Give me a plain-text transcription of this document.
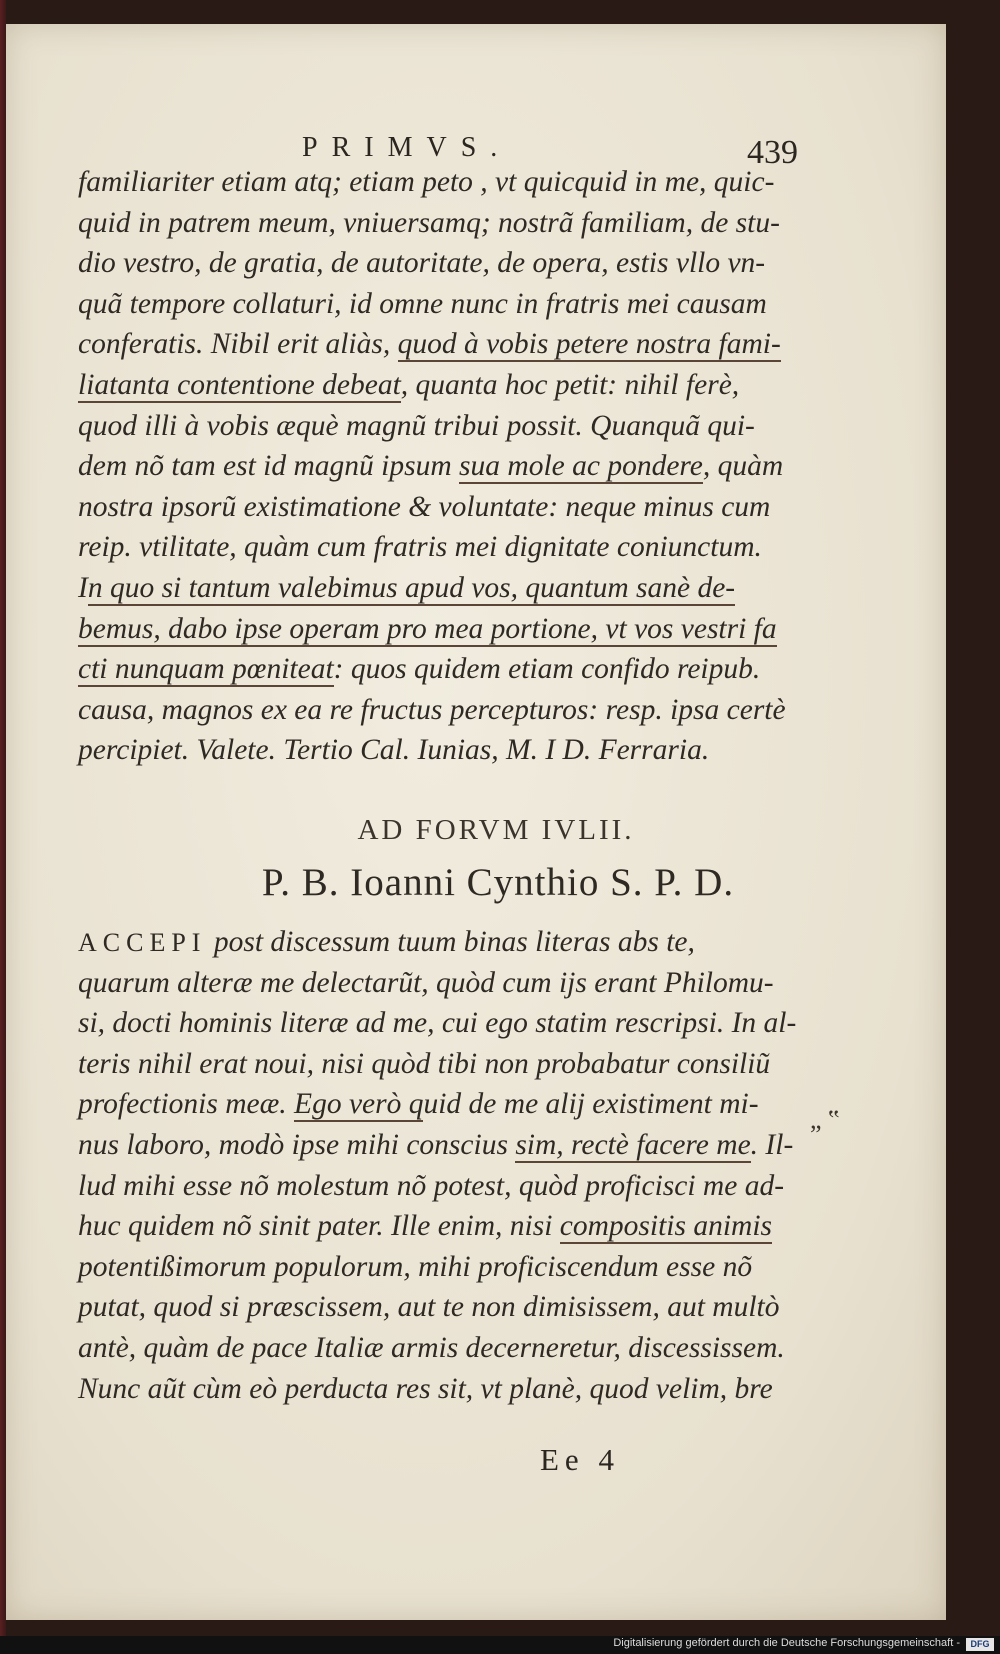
PRIMVS.	439
familiariter etiam atq; etiam peto , vt quicquid in me, quic-
quid in patrem meum, vniuersamq; nostrã familiam, de stu-
dio vestro, de gratia, de autoritate, de opera, estis vllo vn-
quã tempore collaturi, id omne nunc in fratris mei causam
conferatis. Nibil erit aliàs, quod à vobis petere nostra fami-
liatanta contentione debeat, quanta hoc petit: nihil ferè,
quod illi à vobis æquè magnũ tribui possit. Quanquã qui-
dem nõ tam est id magnũ ipsum sua mole ac pondere, quàm
nostra ipsorũ existimatione & voluntate: neque minus cum
reip. vtilitate, quàm cum fratris mei dignitate coniunctum.
In quo si tantum valebimus apud vos, quantum sanè de-
bemus, dabo ipse operam pro mea portione, vt vos vestri fa
cti nunquam pœniteat: quos quidem etiam confido reipub.
causa, magnos ex ea re fructus percepturos: resp. ipsa certè
percipiet. Valete. Tertio Cal. Iunias, M. I D. Ferraria.
AD FORVM IVLII.
P. B. Ioanni Cynthio S. P. D.
ACCEPI post discessum tuum binas literas abs te,
quarum alteræ me delectarũt, quòd cum ijs erant Philomu-
si, docti hominis literæ ad me, cui ego statim rescripsi. In al-
teris nihil erat noui, nisi quòd tibi non probabatur consiliũ
profectionis meæ. Ego verò quid de me alij existiment mi-
nus laboro, modò ipse mihi conscius sim, rectè facere me. Il-
lud mihi esse nõ molestum nõ potest, quòd proficisci me ad-
huc quidem nõ sinit pater. Ille enim, nisi compositis animis
potentißimorum populorum, mihi proficiscendum esse nõ
putat, quod si præscissem, aut te non dimisissem, aut multò
antè, quàm de pace Italiæ armis decerneretur, discessissem.
Nunc aũt cùm eò perducta res sit, vt planè, quod velim, bre
„ ‟
Ee 4
Digitalisierung gefördert durch die Deutsche Forschungsgemeinschaft -	DFG
